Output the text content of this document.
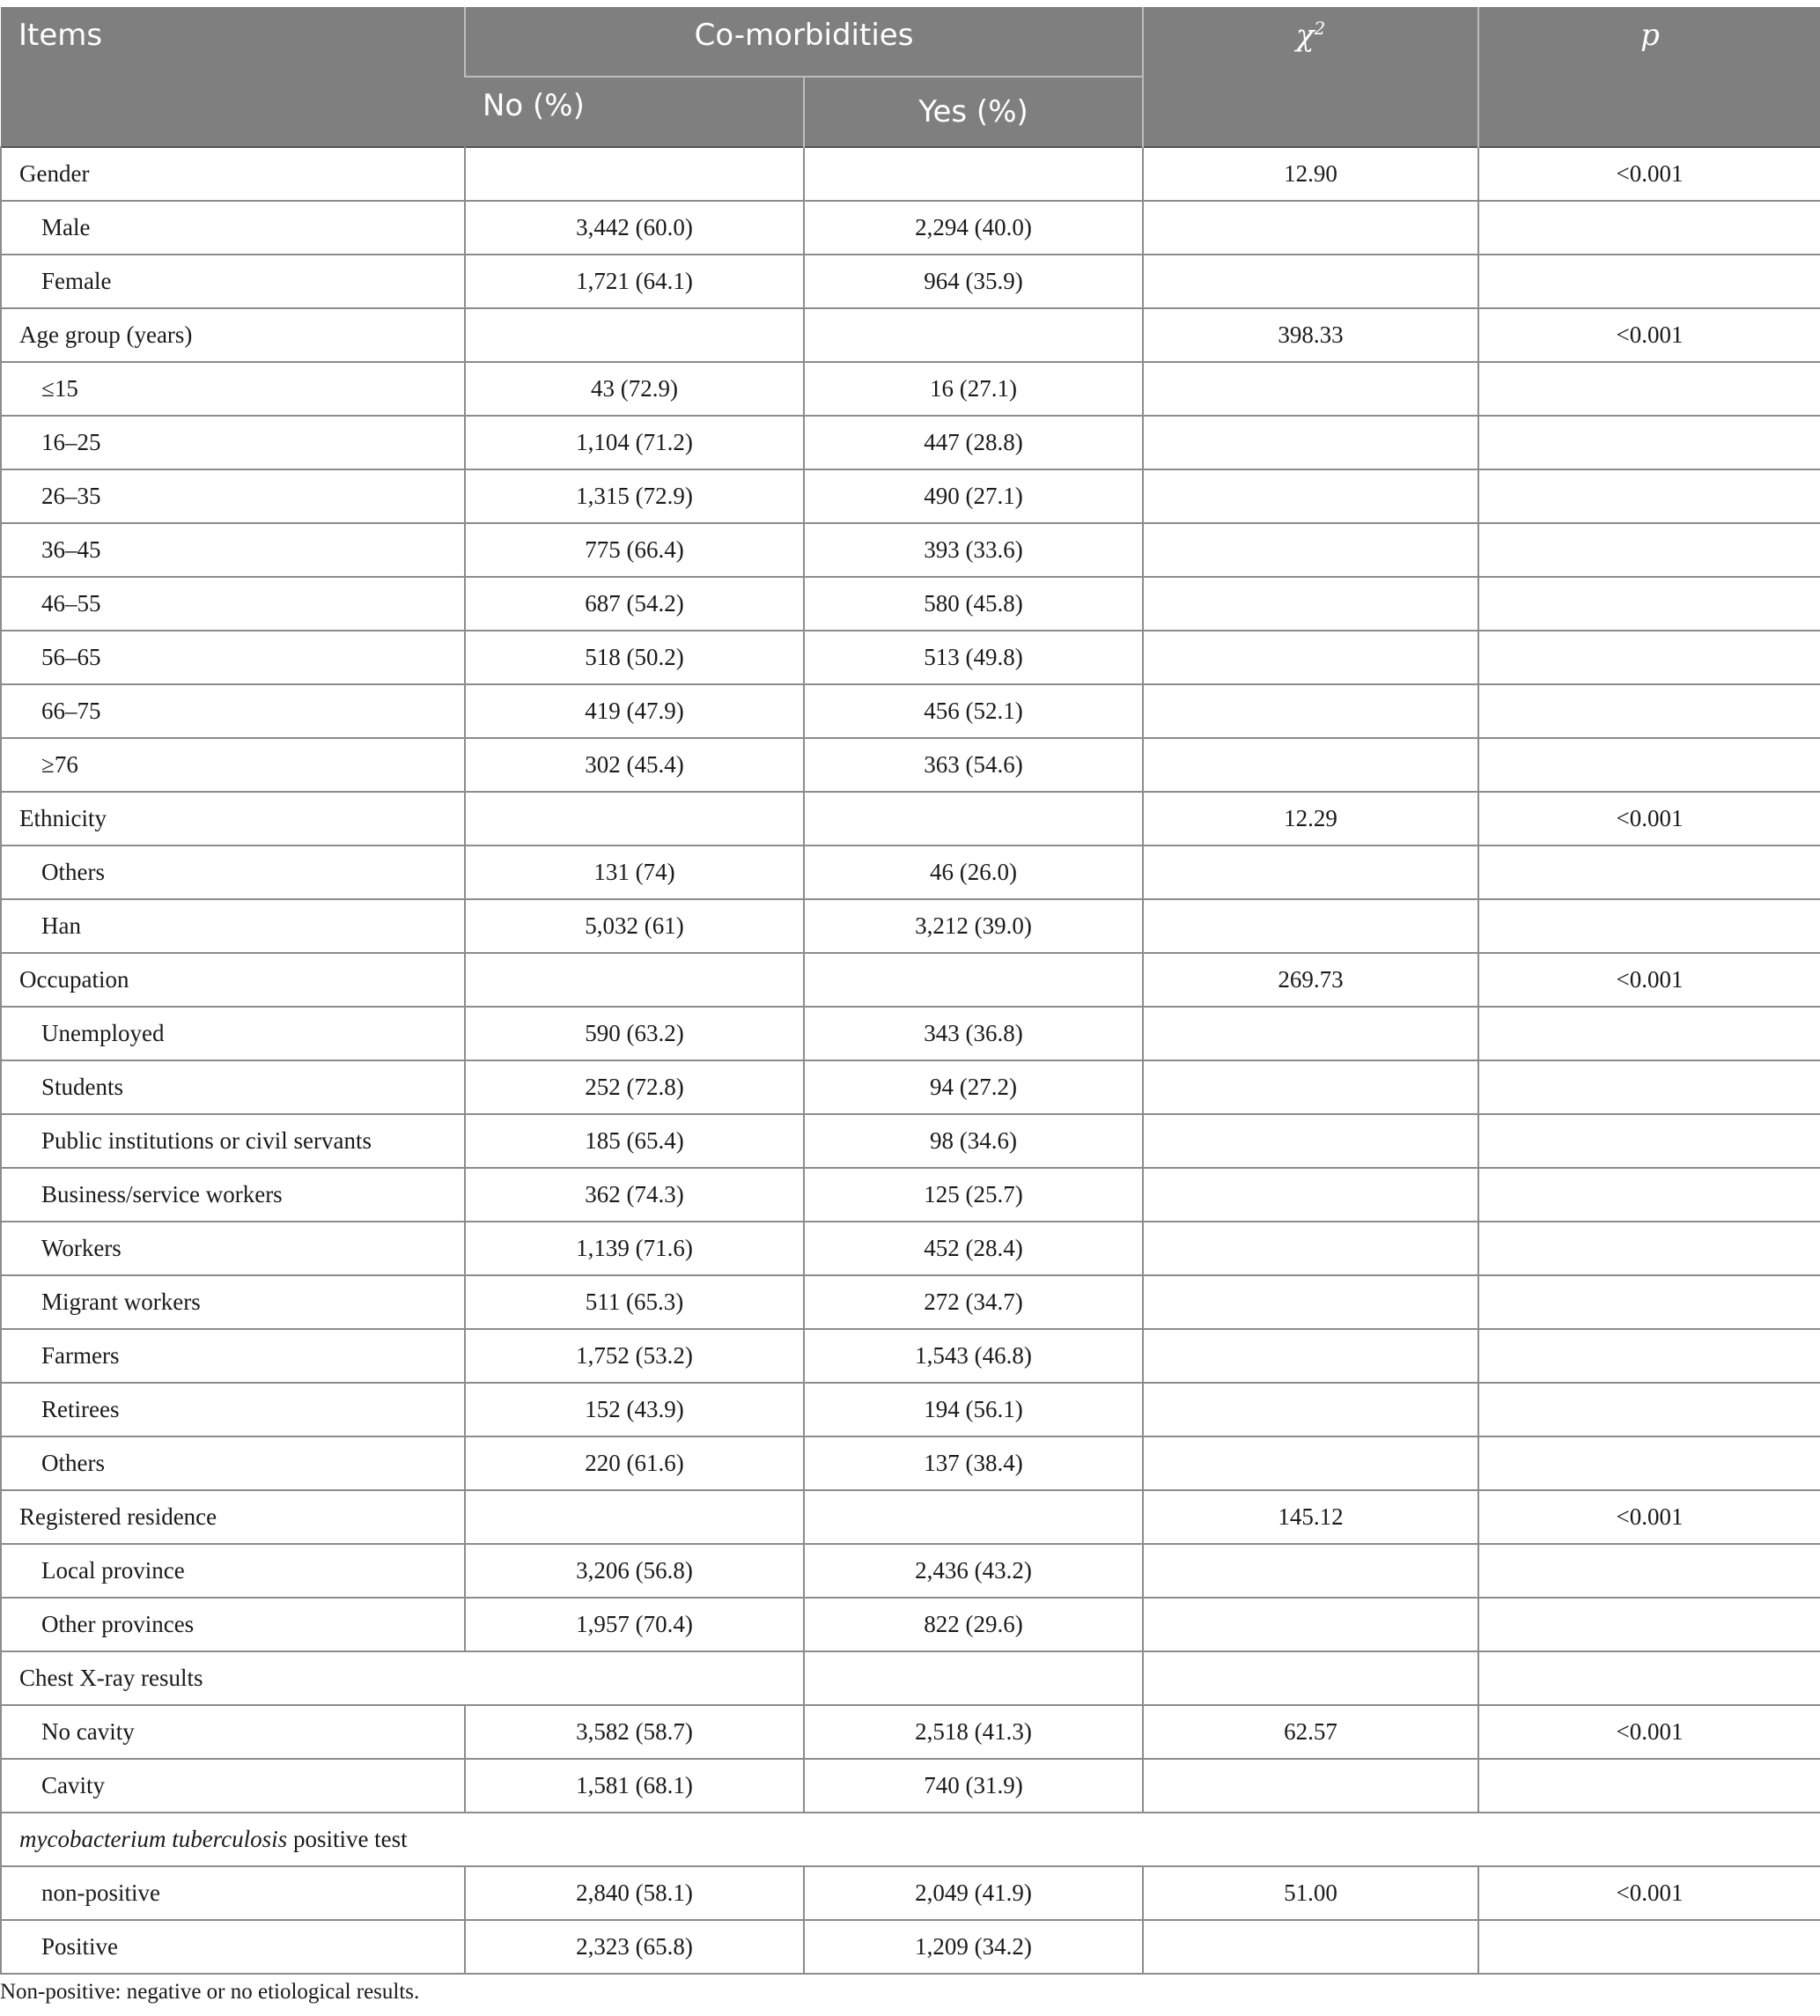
Items	Co-morbidities		$\chi^2$	p
	No (%)	Yes (%)		
Gender			12.90	<0.001
Male	3,442 (60.0)	2,294 (40.0)		
Female	1,721 (64.1)	964 (35.9)		
Age group (years)			398.33	<0.001
≤15	43 (72.9)	16 (27.1)		
16–25	1,104 (71.2)	447 (28.8)		
26–35	1,315 (72.9)	490 (27.1)		
36–45	775 (66.4)	393 (33.6)		
46–55	687 (54.2)	580 (45.8)		
56–65	518 (50.2)	513 (49.8)		
66–75	419 (47.9)	456 (52.1)		
≥76	302 (45.4)	363 (54.6)		
Ethnicity			12.29	<0.001
Others	131 (74)	46 (26.0)		
Han	5,032 (61)	3,212 (39.0)		
Occupation			269.73	<0.001
Unemployed	590 (63.2)	343 (36.8)		
Students	252 (72.8)	94 (27.2)		
Public institutions or civil servants	185 (65.4)	98 (34.6)		
Business/service workers	362 (74.3)	125 (25.7)		
Workers	1,139 (71.6)	452 (28.4)		
Migrant workers	511 (65.3)	272 (34.7)		
Farmers	1,752 (53.2)	1,543 (46.8)		
Retirees	152 (43.9)	194 (56.1)		
Others	220 (61.6)	137 (38.4)		
Registered residence			145.12	<0.001
Local province	3,206 (56.8)	2,436 (43.2)		
Other provinces	1,957 (70.4)	822 (29.6)		
Chest X-ray results				
No cavity	3,582 (58.7)	2,518 (41.3)	62.57	<0.001
Cavity	1,581 (68.1)	740 (31.9)		
mycobacterium tuberculosis positive test				
non-positive	2,840 (58.1)	2,049 (41.9)	51.00	<0.001
Positive	2,323 (65.8)	1,209 (34.2)		
Non-positive: negative or no etiological results.
